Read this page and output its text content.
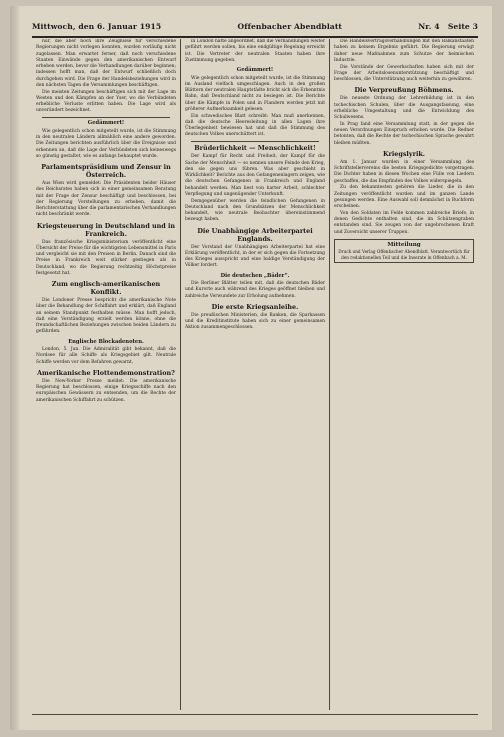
Mittwoch, den 6. Januar 1915	Offenbacher Abendblatt	Nr. 4 Seite 3
nur, die aber noch ihre Zeugnisse für verschiedene Regierungen nicht vorlegen konnten, wurden vorläufig nicht zugelassen. Man erwartet ferner, daß noch verschiedene Staaten Einwände gegen den amerikanischen Entwurf erheben werden, bevor die Verhandlungen darüber beginnen; indessen hofft man, daß der Entwurf schließlich doch durchgehen wird. Die Frage der Handelsbeziehungen wird in den nächsten Tagen die Versammlungen beschäftigen.
Die meisten Zeitungen beschäftigen sich mit der Lage im Westen und den Kämpfen an der Yser, wo die Verbündeten erhebliche Verluste erlitten haben. Die Lage wird als unverändert bezeichnet.
Gedämmert!
Wie gelegentlich schon mitgeteilt wurde, ist die Stimmung in den neutralen Ländern allmählich eine andere geworden. Die Zeitungen berichten ausführlich über die Ereignisse und erkennen an, daß die Lage der Verbündeten sich keineswegs so günstig gestaltet, wie es anfangs behauptet wurde.
Parlamentspräsidium und Zensur in Österreich.
Aus Wien wird gemeldet: Die Präsidenten beider Häuser des Reichsrates haben sich in einer gemeinsamen Beratung mit der Frage der Zensur beschäftigt und beschlossen, bei der Regierung Vorstellungen zu erheben, damit die Berichterstattung über die parlamentarischen Verhandlungen nicht beschränkt werde.
Kriegsteuerung in Deutschland und in Frankreich.
Das französische Kriegsministerium veröffentlicht eine Übersicht der Preise für die wichtigsten Lebensmittel in Paris und vergleicht sie mit den Preisen in Berlin. Danach sind die Preise in Frankreich weit stärker gestiegen als in Deutschland, wo die Regierung rechtzeitig Höchstpreise festgesetzt hat.
Zum englisch-amerikanischen Konflikt.
Die Londoner Presse bespricht die amerikanische Note über die Behandlung der Schiffahrt und erklärt, daß England an seinem Standpunkt festhalten müsse. Man hofft jedoch, daß eine Verständigung erzielt werden könne, ohne die freundschaftlichen Beziehungen zwischen beiden Ländern zu gefährden.
Englische Blockadenoten.
London, 5. Jan. Die Admiralität gibt bekannt, daß die Nordsee für alle Schiffe als Kriegsgebiet gilt. Neutrale Schiffe werden vor dem Befahren gewarnt.
Amerikanische Flottendemonstration?
Die New-Yorker Presse meldet: Die amerikanische Regierung hat beschlossen, einige Kriegsschiffe nach den europäischen Gewässern zu entsenden, um die Rechte der amerikanischen Schiffahrt zu schützen.
in London hatte angeordnet, daß die Verhandlungen weiter geführt werden sollen, bis eine endgültige Regelung erreicht ist. Die Vertreter der neutralen Staaten haben ihre Zustimmung gegeben.
Gedämmert!
Wie gelegentlich schon mitgeteilt wurde, ist die Stimmung im Ausland vielfach umgeschlagen. Auch in den großen Blättern der neutralen Hauptstädte bricht sich die Erkenntnis Bahn, daß Deutschland nicht zu besiegen ist. Die Berichte über die Kämpfe in Polen und in Flandern werden jetzt mit größerer Aufmerksamkeit gelesen.
Ein schwedisches Blatt schreibt: Man muß anerkennen, daß die deutsche Heeresleitung in allen Lagen ihre Überlegenheit bewiesen hat und daß die Stimmung des deutschen Volkes unerschüttert ist.
Brüderlichkeit — Menschlichkeit!
Der Kampf für Recht und Freiheit, der Kampf für die Sache der Menschheit — so nennen unsere Feinde den Krieg, den sie gegen uns führen. Was aber geschieht in Wirklichkeit? Berichte aus den Gefangenenlagern zeigen, wie die deutschen Gefangenen in Frankreich und England behandelt werden. Man liest von harter Arbeit, schlechter Verpflegung und ungenügender Unterkunft.
Demgegenüber werden die feindlichen Gefangenen in Deutschland nach den Grundsätzen der Menschlichkeit behandelt, wie neutrale Beobachter übereinstimmend bezeugt haben.
Die Unabhängige Arbeiterpartei Englands.
Der Vorstand der Unabhängigen Arbeiterpartei hat eine Erklärung veröffentlicht, in der er sich gegen die Fortsetzung des Krieges ausspricht und eine baldige Verständigung der Völker fordert.
Die deutschen „Bäder“.
Die Berliner Blätter teilen mit, daß die deutschen Bäder und Kurorte auch während des Krieges geöffnet bleiben und zahlreiche Verwundete zur Erholung aufnehmen.
Die erste Kriegsanleihe.
Die preußischen Ministerien, die Banken, die Sparkassen und die Kreditinstitute haben sich zu einer gemeinsamen Aktion zusammengeschlossen.
Die Handelsvertragsverhandlungen mit den Balkanstaaten haben zu keinem Ergebnis geführt. Die Regierung erwägt daher neue Maßnahmen zum Schutze der heimischen Industrie.
Die Vorstände der Gewerkschaften haben sich mit der Frage der Arbeitslosenunterstützung beschäftigt und beschlossen, die Unterstützung auch weiterhin zu gewähren.
Die Verpreußung Böhmens.
Die neueste Ordnung der Lehrerbildung ist in den tschechischen Schulen, über die Ausgangsfassung, eine erhebliche Umgestaltung und die Entwicklung des Schulwesens.
In Prag fand eine Versammlung statt, in der gegen die neuen Verordnungen Einspruch erhoben wurde. Die Redner betonten, daß die Rechte der tschechischen Sprache gewahrt bleiben müßten.
Kriegslyrik.
Am 1. Januar wurden in einer Versammlung des Schriftstellervereins die besten Kriegsgedichte vorgetragen. Die Dichter haben in diesen Wochen eine Fülle von Liedern geschaffen, die das Empfinden des Volkes widerspiegeln.
Zu den bekanntesten gehören die Lieder, die in den Zeitungen veröffentlicht wurden und im ganzen Lande gesungen werden. Eine Auswahl soll demnächst in Buchform erscheinen.
Von den Soldaten im Felde kommen zahlreiche Briefe, in denen Gedichte enthalten sind, die im Schützengraben entstanden sind. Sie zeugen von der ungebrochenen Kraft und Zuversicht unserer Truppen.
Mitteilung
Druck und Verlag Offenbacher Abendblatt. Verantwortlich für den redaktionellen Teil und die Inserate in Offenbach a. M.
